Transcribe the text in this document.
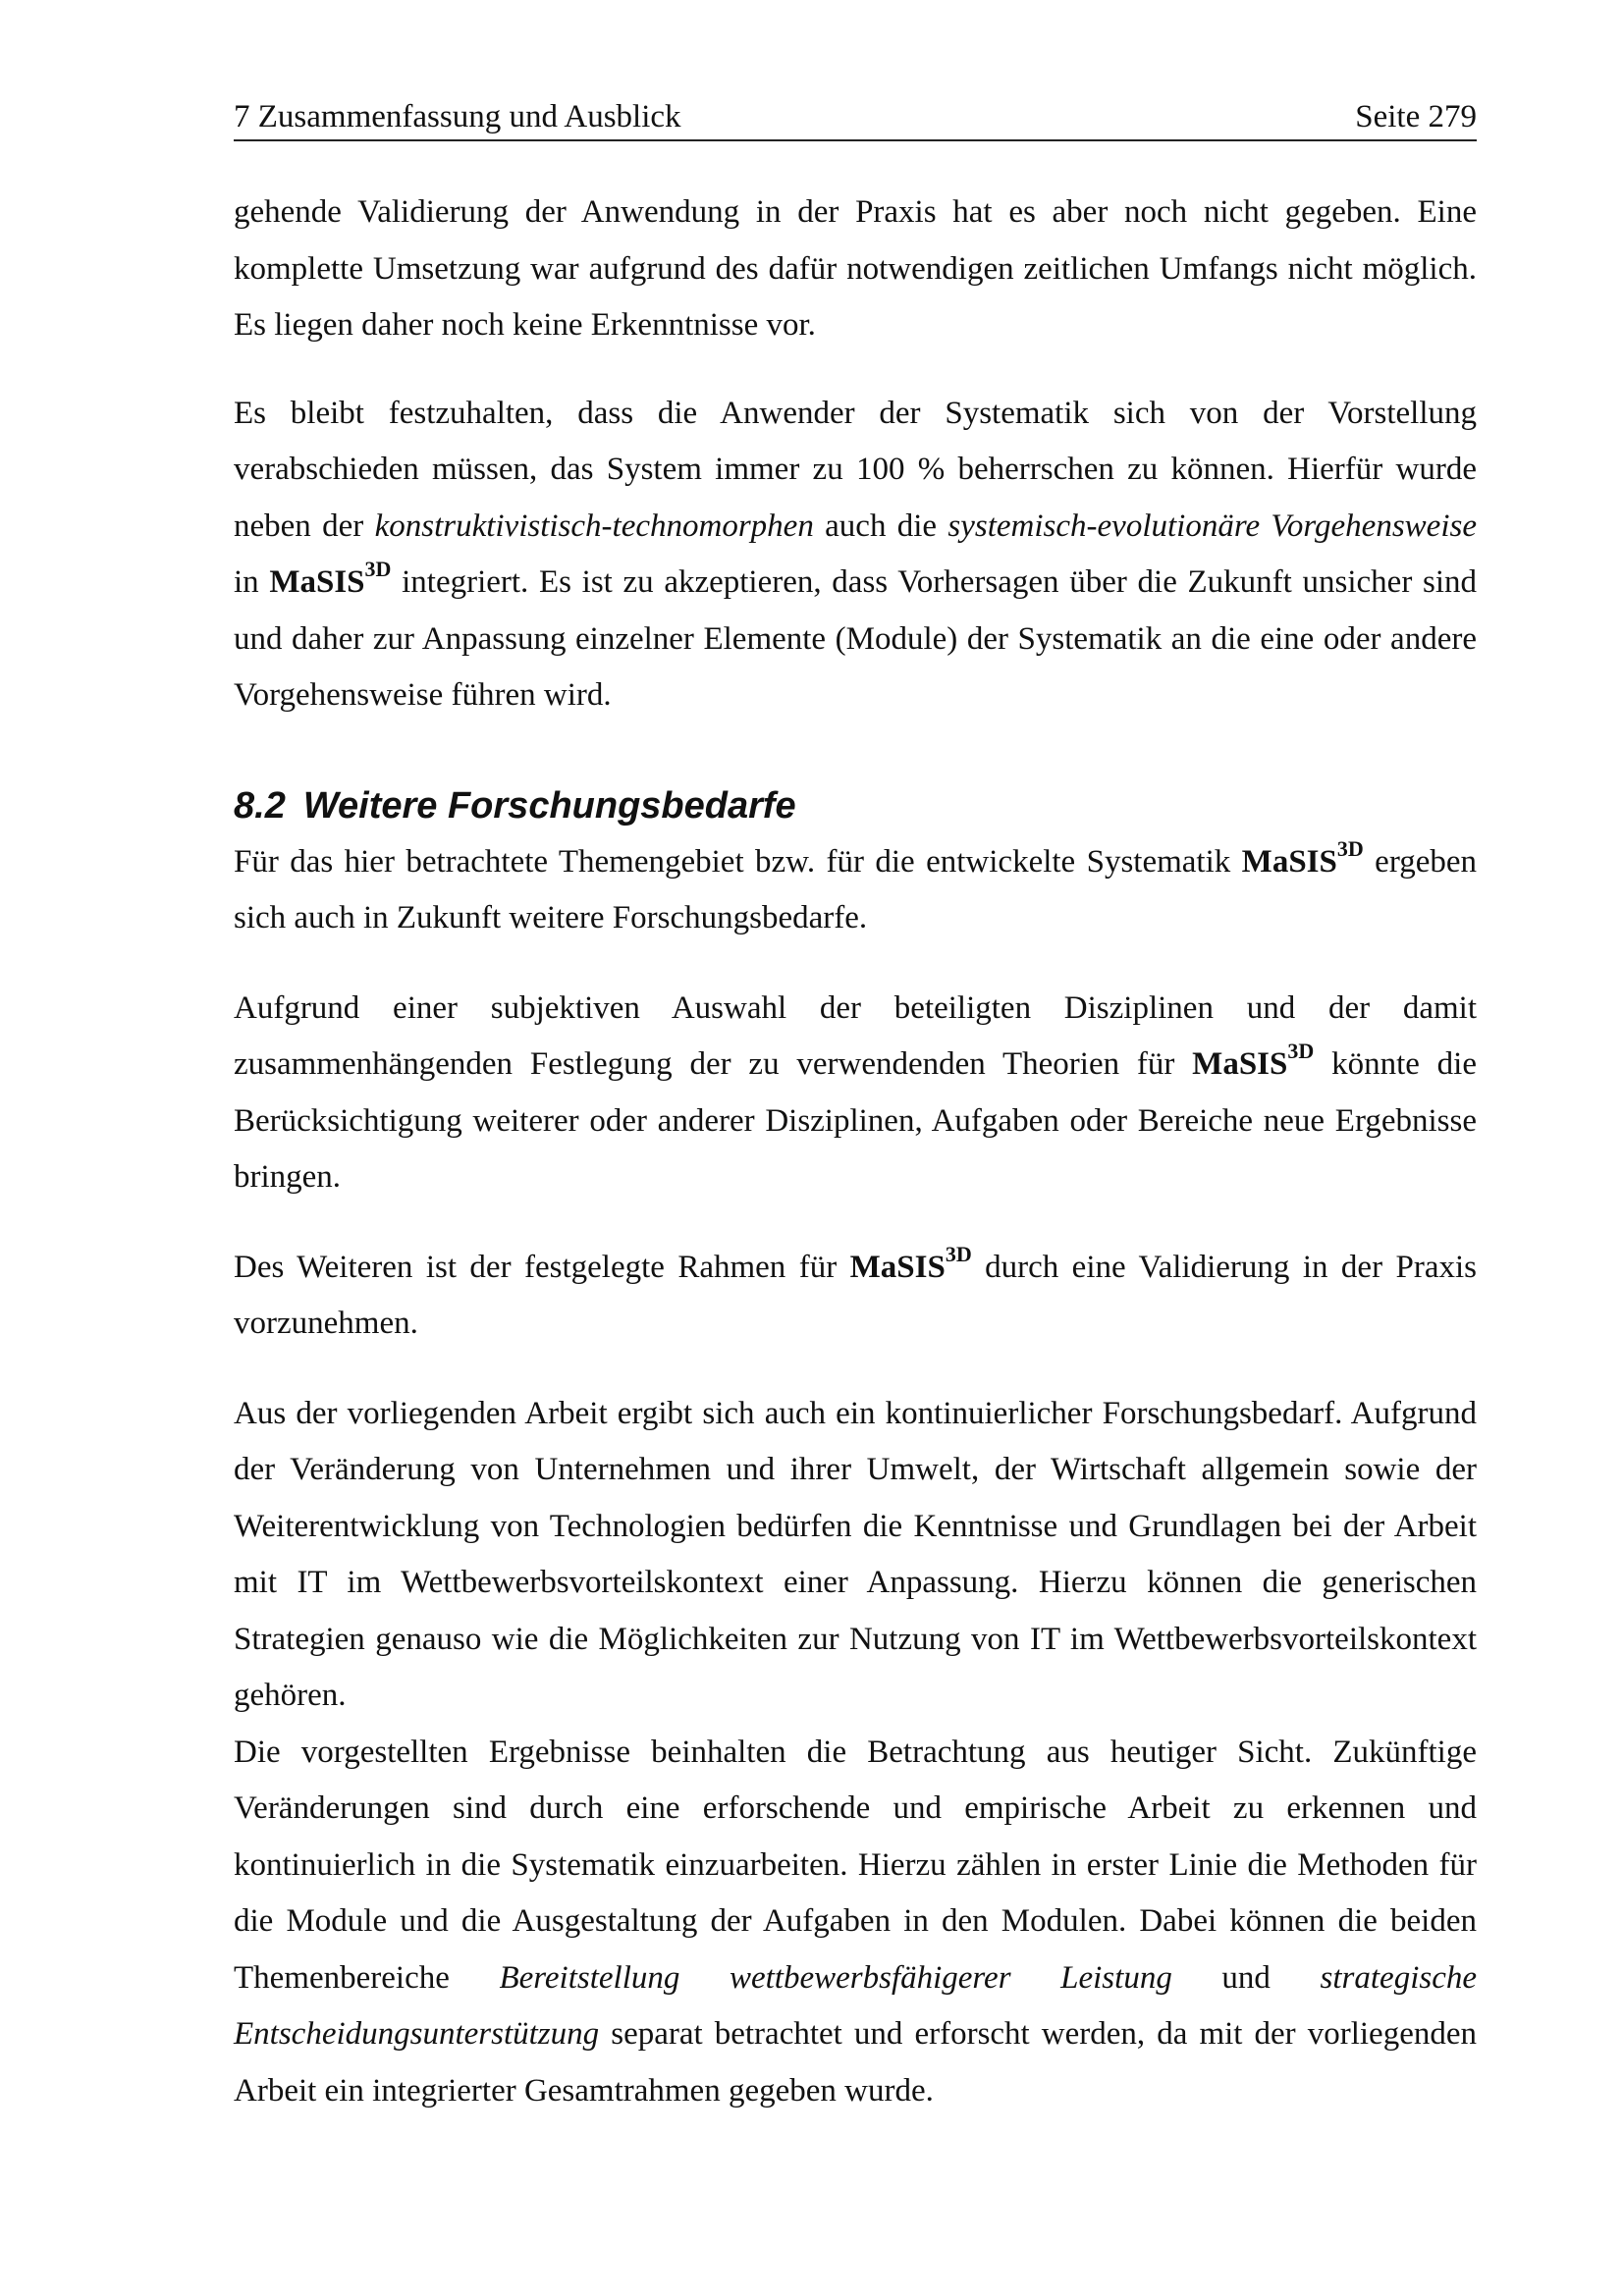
7 Zusammenfassung und Ausblick	Seite 279

gehende Validierung der Anwendung in der Praxis hat es aber noch nicht gegeben. Eine komplette Umsetzung war aufgrund des dafür notwendigen zeitlichen Umfangs nicht möglich. Es liegen daher noch keine Erkenntnisse vor.

Es bleibt festzuhalten, dass die Anwender der Systematik sich von der Vorstellung verabschieden müssen, das System immer zu 100 % beherrschen zu können. Hierfür wurde neben der konstruktivistisch-technomorphen auch die systemisch-evolutionäre Vorgehensweise in MaSIS$^{3D}$ integriert. Es ist zu akzeptieren, dass Vorhersagen über die Zukunft unsicher sind und daher zur Anpassung einzelner Elemente (Module) der Systematik an die eine oder andere Vorgehensweise führen wird.

8.2 Weitere Forschungsbedarfe

Für das hier betrachtete Themengebiet bzw. für die entwickelte Systematik MaSIS$^{3D}$ ergeben sich auch in Zukunft weitere Forschungsbedarfe.

Aufgrund einer subjektiven Auswahl der beteiligten Disziplinen und der damit zusammenhängenden Festlegung der zu verwendenden Theorien für MaSIS$^{3D}$ könnte die Berücksichtigung weiterer oder anderer Disziplinen, Aufgaben oder Bereiche neue Ergebnisse bringen.

Des Weiteren ist der festgelegte Rahmen für MaSIS$^{3D}$ durch eine Validierung in der Praxis vorzunehmen.

Aus der vorliegenden Arbeit ergibt sich auch ein kontinuierlicher Forschungsbedarf. Aufgrund der Veränderung von Unternehmen und ihrer Umwelt, der Wirtschaft allgemein sowie der Weiterentwicklung von Technologien bedürfen die Kenntnisse und Grundlagen bei der Arbeit mit IT im Wettbewerbsvorteilskontext einer Anpassung. Hierzu können die generischen Strategien genauso wie die Möglichkeiten zur Nutzung von IT im Wettbewerbsvorteilskontext gehören.

Die vorgestellten Ergebnisse beinhalten die Betrachtung aus heutiger Sicht. Zukünftige Veränderungen sind durch eine erforschende und empirische Arbeit zu erkennen und kontinuierlich in die Systematik einzuarbeiten. Hierzu zählen in erster Linie die Methoden für die Module und die Ausgestaltung der Aufgaben in den Modulen. Dabei können die beiden Themenbereiche Bereitstellung wettbewerbsfähigerer Leistung und strategische Entscheidungsunterstützung separat betrachtet und erforscht werden, da mit der vorliegenden Arbeit ein integrierter Gesamtrahmen gegeben wurde.
